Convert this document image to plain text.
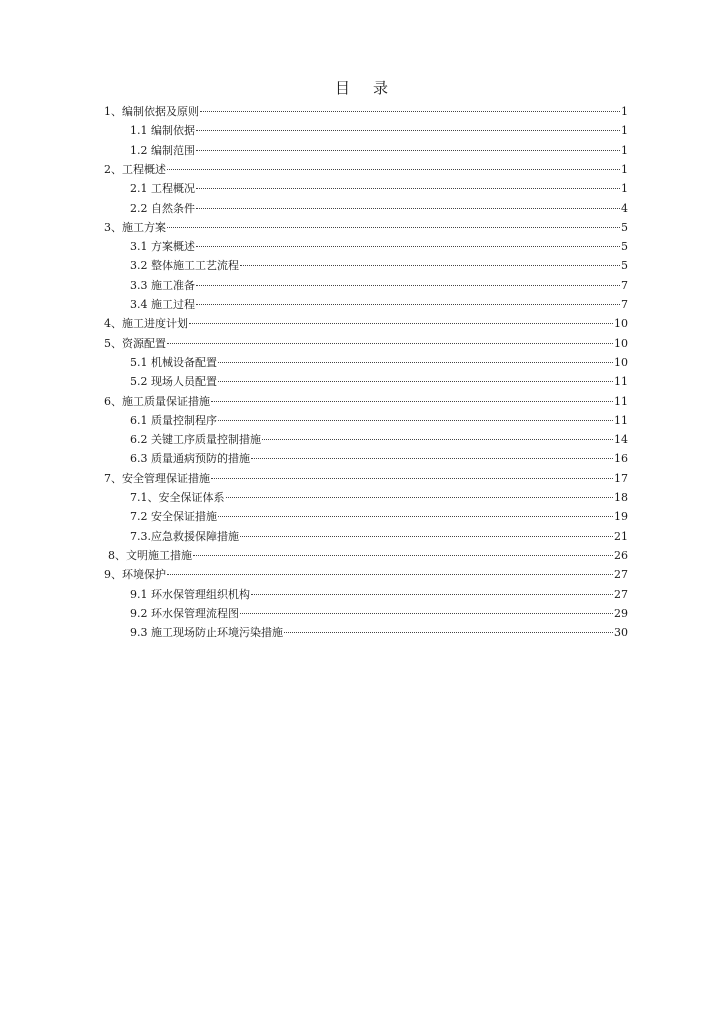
目 录
1、编制依据及原则	1
1.1 编制依据	1
1.2 编制范围	1
2、工程概述	1
2.1 工程概况	1
2.2 自然条件	4
3、施工方案	5
3.1 方案概述	5
3.2 整体施工工艺流程	5
3.3 施工准备	7
3.4 施工过程	7
4、施工进度计划	10
5、资源配置	10
5.1 机械设备配置	10
5.2 现场人员配置	11
6、施工质量保证措施	11
6.1 质量控制程序	11
6.2 关键工序质量控制措施	14
6.3 质量通病预防的措施	16
7、安全管理保证措施	17
7.1、安全保证体系	18
7.2 安全保证措施	19
7.3.应急救援保障措施	21
8、文明施工措施	26
9、环境保护	27
9.1 环水保管理组织机构	27
9.2 环水保管理流程图	29
9.3 施工现场防止环境污染措施	30
